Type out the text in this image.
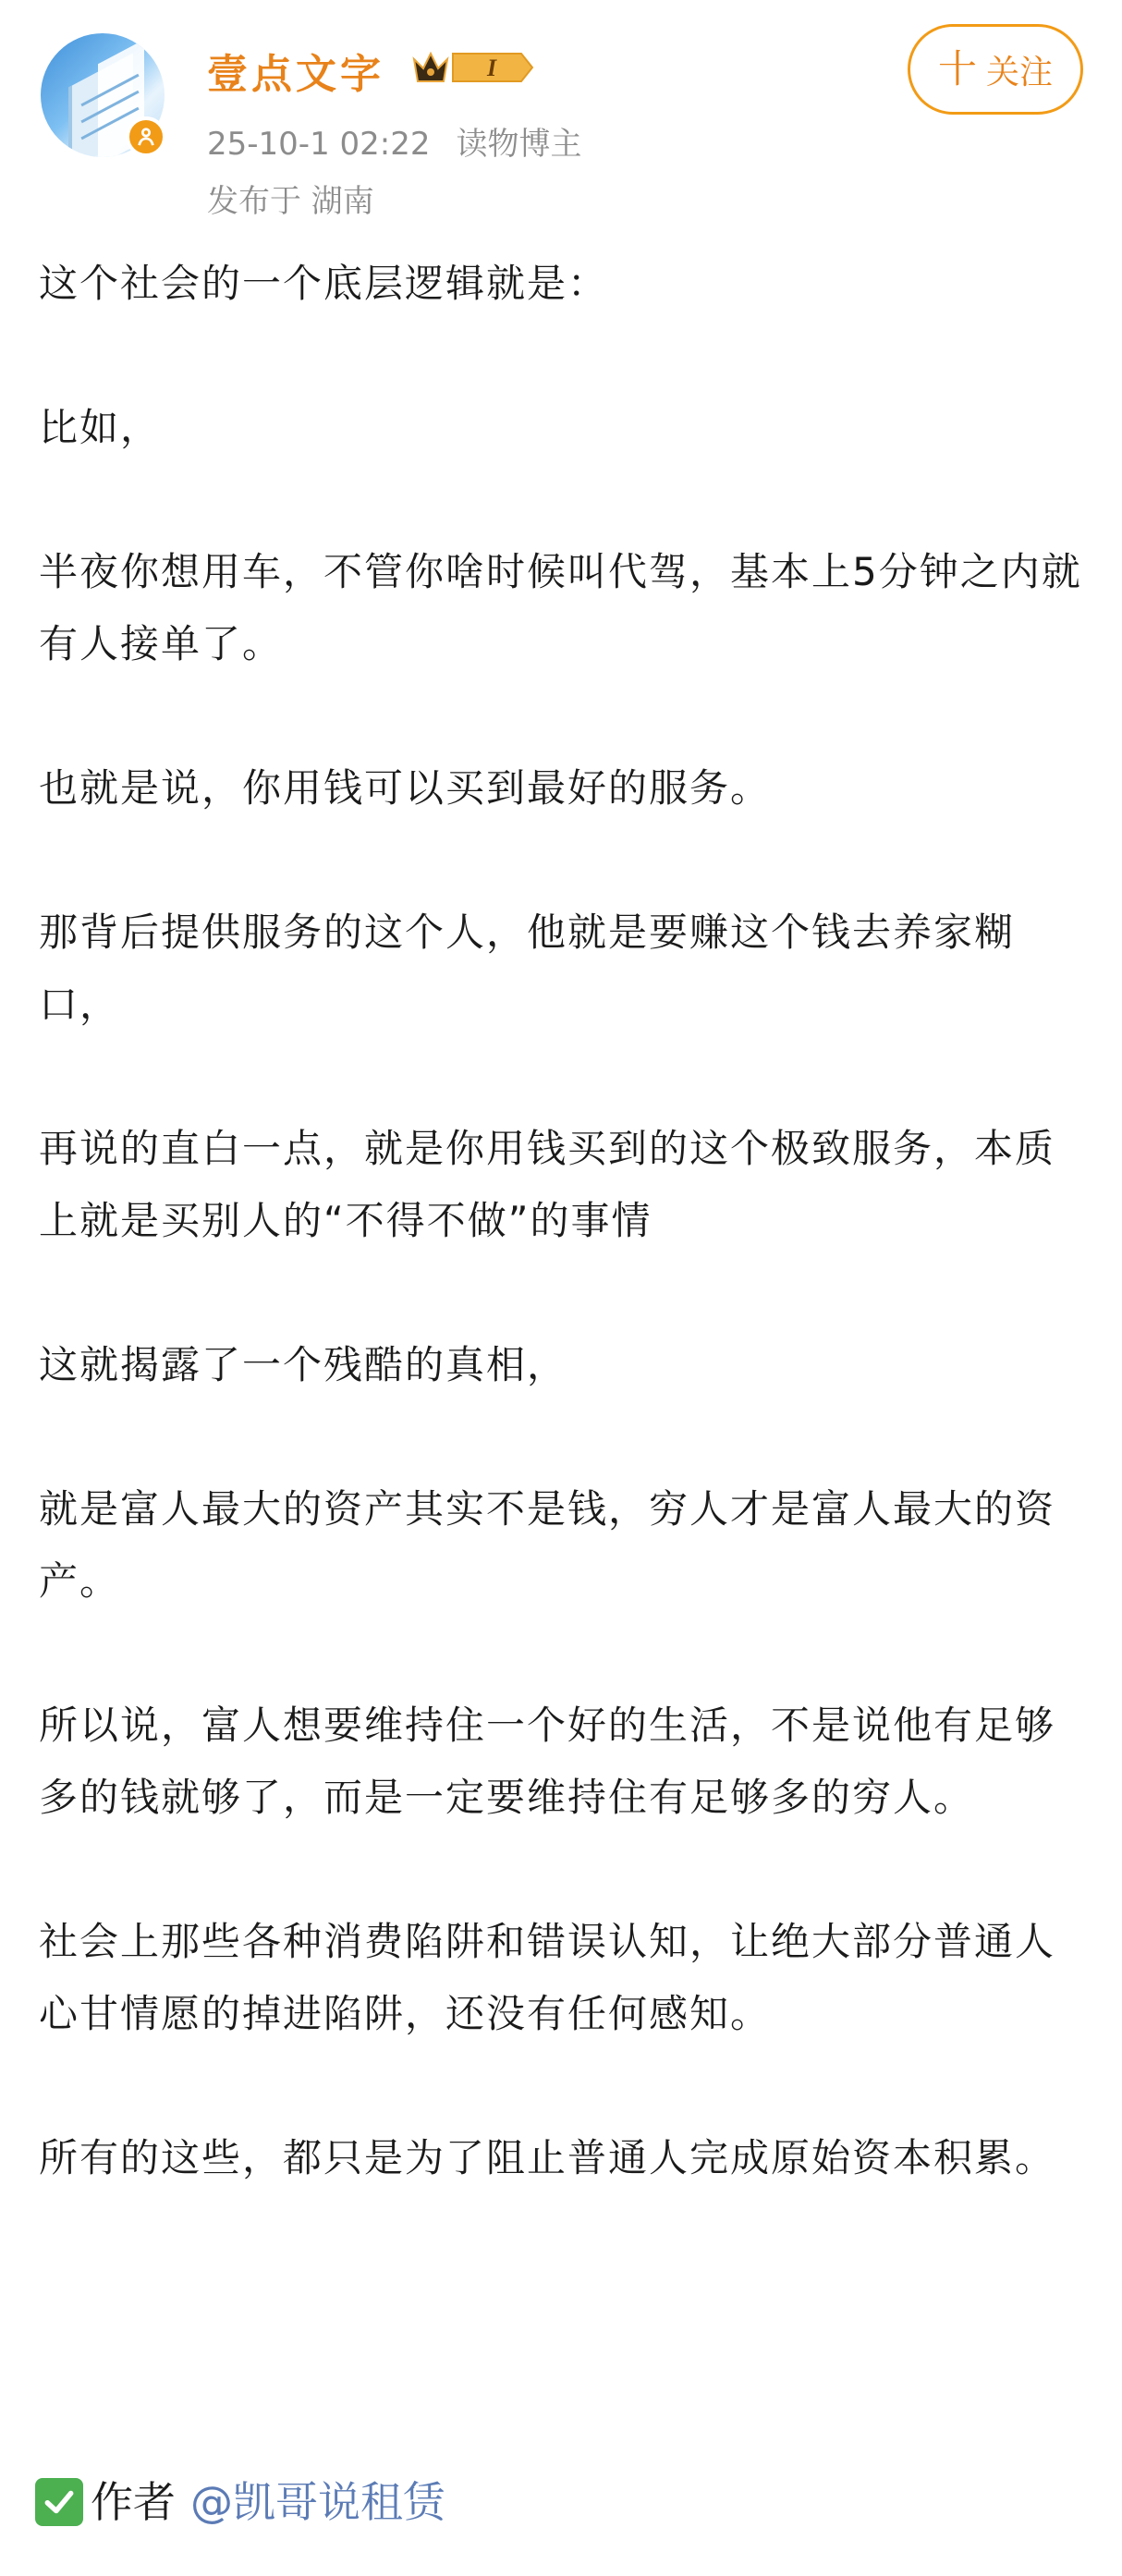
壹点文字	I
25-10-1 02:22 读物博主
发布于 湖南
十 关注

这个社会的一个底层逻辑就是：

比如，

半夜你想用车，不管你啥时候叫代驾，基本上5分钟之内就有人接单了。

也就是说，你用钱可以买到最好的服务。

那背后提供服务的这个人，他就是要赚这个钱去养家糊口，

再说的直白一点，就是你用钱买到的这个极致服务，本质上就是买别人的“不得不做”的事情

这就揭露了一个残酷的真相，

就是富人最大的资产其实不是钱，穷人才是富人最大的资产。

所以说，富人想要维持住一个好的生活，不是说他有足够多的钱就够了，而是一定要维持住有足够多的穷人。

社会上那些各种消费陷阱和错误认知，让绝大部分普通人心甘情愿的掉进陷阱，还没有任何感知。

所有的这些，都只是为了阻止普通人完成原始资本积累。

作者 @凯哥说租赁
